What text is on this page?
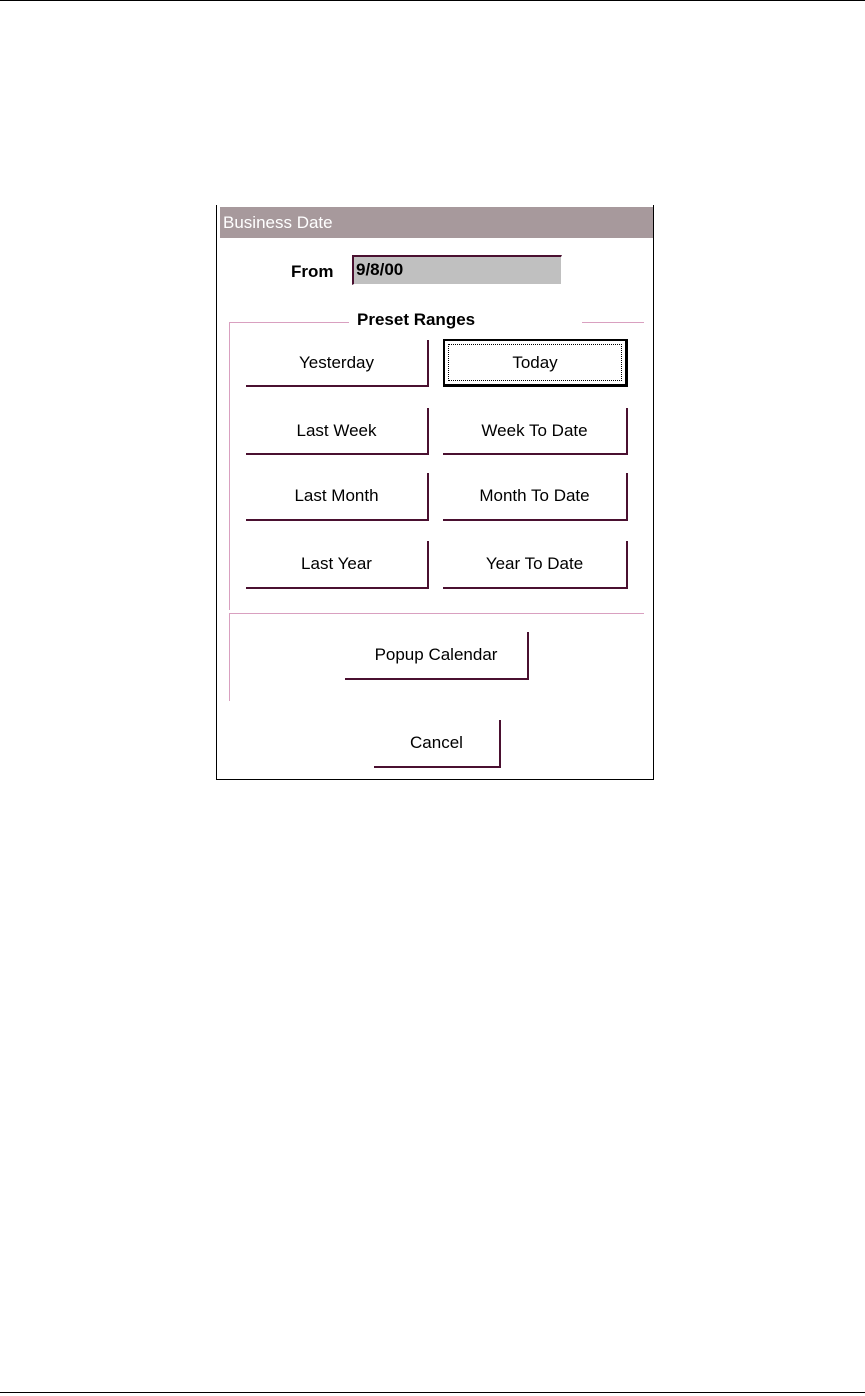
Business Date
From 9/8/00
Preset Ranges
Yesterday	Today
Last Week	Week To Date
Last Month	Month To Date
Last Year	Year To Date
Popup Calendar
Cancel
